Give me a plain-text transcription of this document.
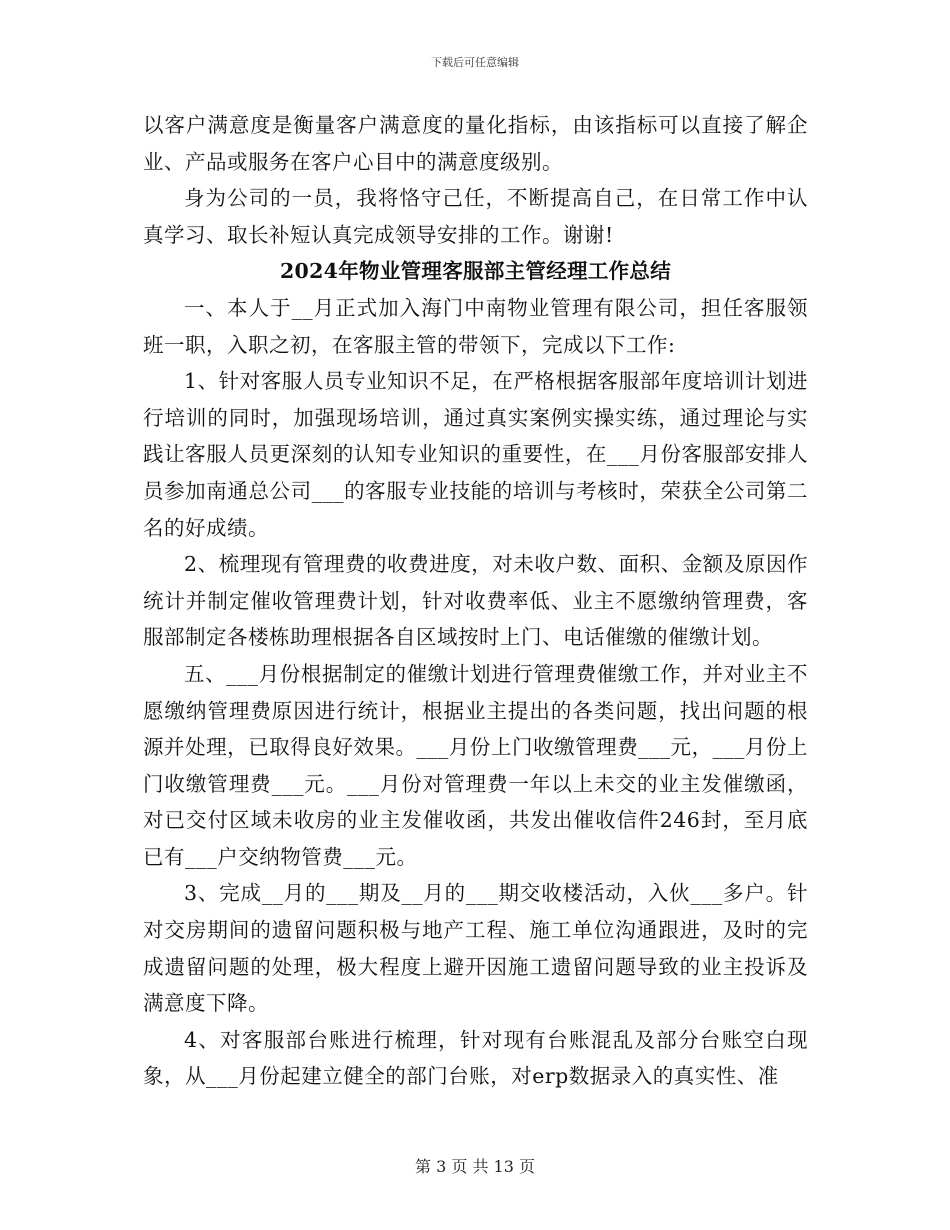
下载后可任意编辑

以客户满意度是衡量客户满意度的量化指标，由该指标可以直接了解企业、产品或服务在客户心目中的满意度级别。

身为公司的一员，我将恪守己任，不断提高自己，在日常工作中认真学习、取长补短认真完成领导安排的工作。谢谢!

2024年物业管理客服部主管经理工作总结

一、本人于__月正式加入海门中南物业管理有限公司，担任客服领班一职，入职之初，在客服主管的带领下，完成以下工作:

1、针对客服人员专业知识不足，在严格根据客服部年度培训计划进行培训的同时，加强现场培训，通过真实案例实操实练，通过理论与实践让客服人员更深刻的认知专业知识的重要性，在___月份客服部安排人员参加南通总公司___的客服专业技能的培训与考核时，荣获全公司第二名的好成绩。

2、梳理现有管理费的收费进度，对未收户数、面积、金额及原因作统计并制定催收管理费计划，针对收费率低、业主不愿缴纳管理费，客服部制定各楼栋助理根据各自区域按时上门、电话催缴的催缴计划。

五、___月份根据制定的催缴计划进行管理费催缴工作，并对业主不愿缴纳管理费原因进行统计，根据业主提出的各类问题，找出问题的根源并处理，已取得良好效果。___月份上门收缴管理费___元，___月份上门收缴管理费___元。___月份对管理费一年以上未交的业主发催缴函，对已交付区域未收房的业主发催收函，共发出催收信件246封，至月底已有___户交纳物管费___元。

3、完成__月的___期及__月的___期交收楼活动，入伙___多户。针对交房期间的遗留问题积极与地产工程、施工单位沟通跟进，及时的完成遗留问题的处理，极大程度上避开因施工遗留问题导致的业主投诉及满意度下降。

4、对客服部台账进行梳理，针对现有台账混乱及部分台账空白现象，从___月份起建立健全的部门台账，对erp数据录入的真实性、准

第 3 页 共 13 页
